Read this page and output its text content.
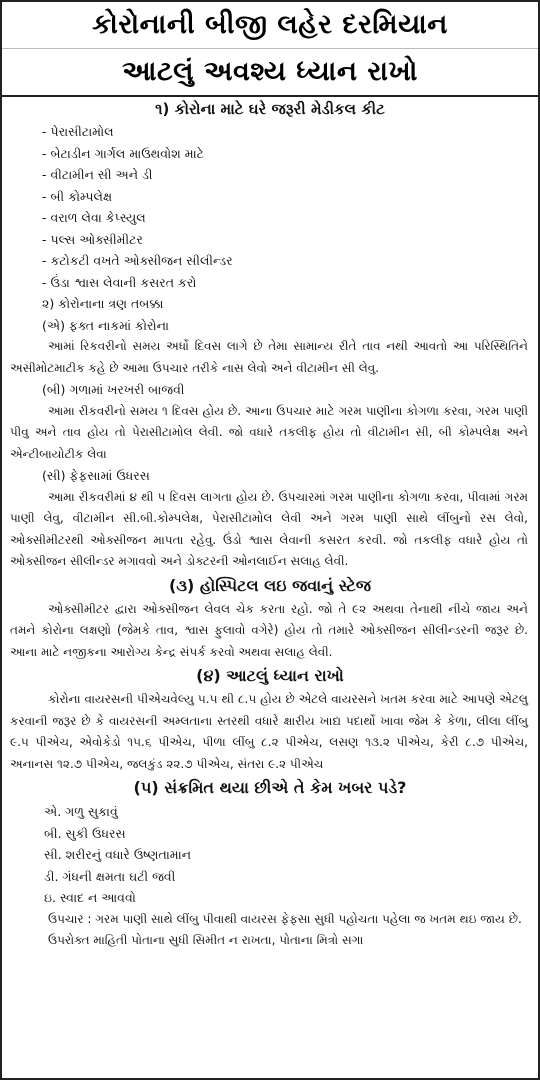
કોરોનાની બીજી લહેર દરમિયાન
આટલું અવશ્ય ધ્યાન રાખો

૧) કોરોના માટે ઘરે જરૂરી મેડીકલ કીટ

- પેરાસીટામોલ
- બેટાડીન ગાર્ગલ માઉથવોશ માટે
- વીટામીન સી અને ડી
- બી કોમ્પલેક્ષ
- વરાળ લેવા કેપ્સ્યુલ
- પલ્સ ઓક્સીમીટર
- કટોકટી વખતે ઓક્સીજન સીલીન્ડર
- ઉંડા શ્વાસ લેવાની કસરત કરો
૨) કોરોનાના ત્રણ તબક્કા
(એ) ફક્ત નાકમાં કોરોના

આમાં રિકવરીનો સમય અર્ધો દિવસ લાગે છે તેમા સામાન્ય રીતે તાવ નથી આવતો આ પરિસ્થિતિને અસીમોટમાટીક કહે છે આમા ઉપચાર તરીકે નાસ લેવો અને વીટામીન સી લેવુ.

(બી) ગળામાં ખરખરી બાજવી

આમા રીકવરીનો સમય ૧ દિવસ હોય છે. આના ઉપચાર માટે ગરમ પાણીના કોગળા કરવા, ગરમ પાણી પીવુ અને તાવ હોય તો પેરાસીટામોલ લેવી. જો વધારે તકલીફ હોય તો વીટામીન સી, બી કોમ્પલેક્ષ અને એન્ટીબાયોટીક લેવા

(સી) ફેફસામાં ઉધરસ

આમા રીકવરીમાં ૪ થી ૫ દિવસ લાગતા હોય છે. ઉપચારમાં ગરમ પાણીના કોગળા કરવા, પીવામાં ગરમ પાણી લેવુ, વીટામીન સી.બી.કોમ્પલેક્ષ, પેરાસીટામોલ લેવી અને ગરમ પાણી સાથે લીંબુનો રસ લેવો, ઓક્સીમીટરથી ઓક્સીજન માપતા રહેવુ. ઉંડો શ્વાસ લેવાની કસરત કરવી. જો તકલીફ વધારે હોય તો ઓક્સીજન સીલીન્ડર મગાવવો અને ડોક્ટરની ઓનલાઈન સલાહ લેવી.

(૩) હોસ્પિટલ લઇ જવાનું સ્ટેજ

ઓક્સીમીટર દ્વારા ઓક્સીજન લેવલ ચેક કરતા રહો. જો તે ૯૨ અથવા તેનાથી નીચે જાય અને તમને કોરોના લક્ષણો (જેમકે તાવ, શ્વાસ ફુલાવો વગેરે) હોય તો તમારે ઓક્સીજન સીલીન્ડરની જરૂર છે. આના માટે નજીકના આરોગ્ય કેન્દ્ર સંપર્ક કરવો અથવા સલાહ લેવી.

(૪) આટલું ધ્યાન રાખો

કોરોના વાયરસની પીએચવેલ્યુ ૫.૫ થી ૮.૫ હોય છે એટલે વાયરસને ખતમ કરવા માટે આપણે એટલુ કરવાની જરૂર છે કે વાયરસની અમ્લતાના સ્તરથી વધારે ક્ષારીય ખાદ્ય પદાર્થો ખાવા જેમ કે કેળા, લીલા લીંબુ ૯.૫ પીએચ, એવોકેડો ૧૫.૬ પીએચ, પીળા લીંબુ ૮.૨ પીએચ, લસણ ૧૩.૨ પીએચ, કેરી ૮.૭ પીએચ, અનાનસ ૧૨.૭ પીએચ, જલકુંડ ૨૨.૭ પીએચ, સંતરા ૯.૨ પીએચ

(૫) સંક્રમિત થયા છીએ તે કેમ ખબર પડે?

એ. ગળુ સુકાવું
બી. સુકી ઉધરસ
સી. શરીરનું વધારે ઉષ્ણતામાન
ડી. ગંધની ક્ષમતા ઘટી જવી
ઇ. સ્વાદ ન આવવો

ઉપચાર : ગરમ પાણી સાથે લીંબુ પીવાથી વાયરસ ફેફસા સુધી પહોચતા પહેલા જ ખતમ થઇ જાય છે.

ઉપરોક્ત માહિતી પોતાના સુધી સિમીત ન રાખતા, પોતાના મિત્રો સગા
